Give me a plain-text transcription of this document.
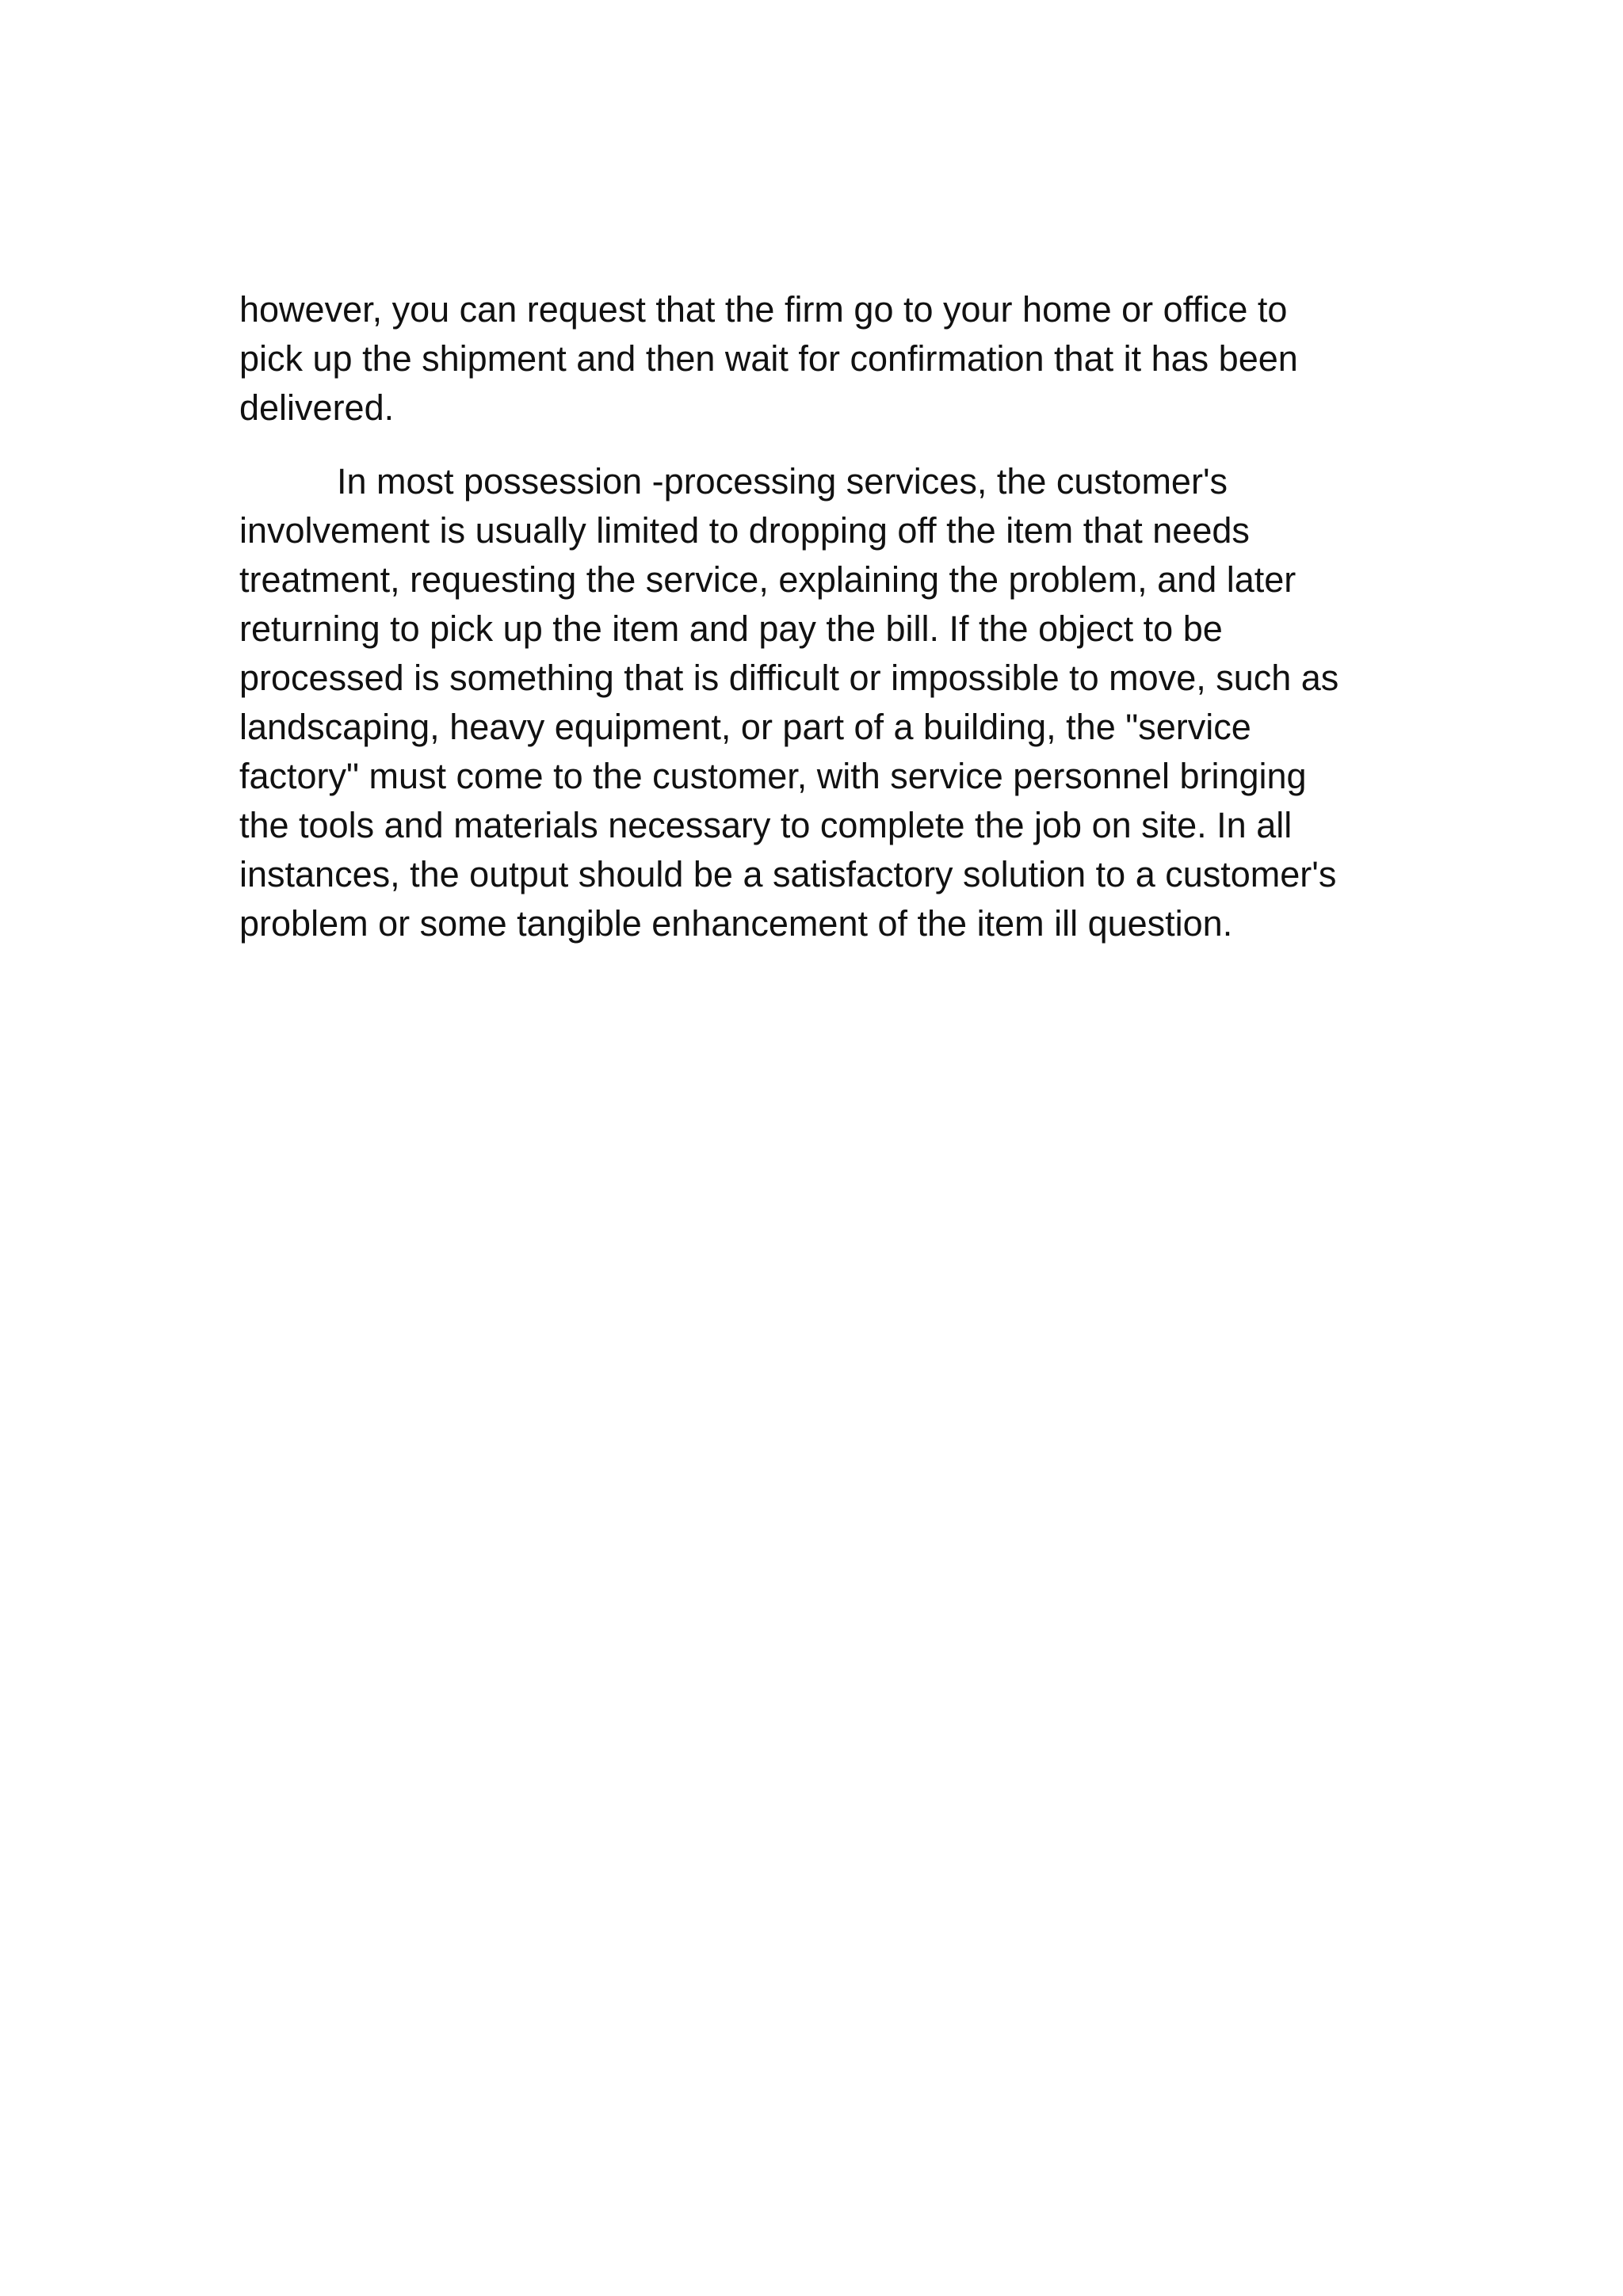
however, you can request that the firm go to your home or office to
pick up the shipment and then wait for confirmation that it has been
delivered.
In most possession -processing services, the customer's
involvement is usually limited to dropping off the item that needs
treatment, requesting the service, explaining the problem, and later
returning to pick up the item and pay the bill. If the object to be
processed is something that is difficult or impossible to move, such as
landscaping, heavy equipment, or part of a building, the "service
factory" must come to the customer, with service personnel bringing
the tools and materials necessary to complete the job on site. In all
instances, the output should be a satisfactory solution to a customer's
problem or some tangible enhancement of the item ill question.
